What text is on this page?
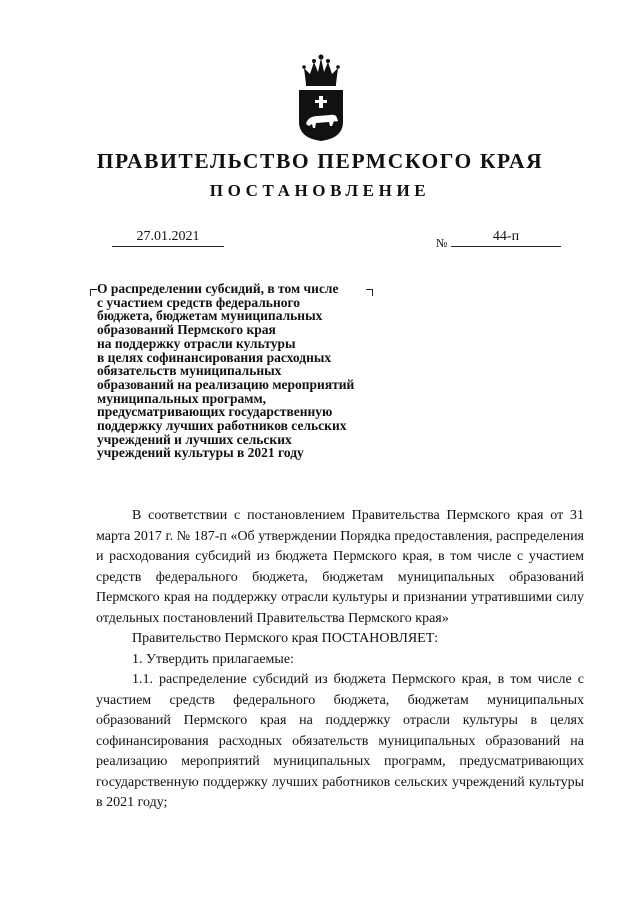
ПРАВИТЕЛЬСТВО ПЕРМСКОГО КРАЯ
ПОСТАНОВЛЕНИЕ
27.01.2021	№	44-п
О распределении субсидий, в том числе
с участием средств федерального
бюджета, бюджетам муниципальных
образований Пермского края
на поддержку отрасли культуры
в целях софинансирования расходных
обязательств муниципальных
образований на реализацию мероприятий
муниципальных программ,
предусматривающих государственную
поддержку лучших работников сельских
учреждений и лучших сельских
учреждений культуры в 2021 году

В соответствии с постановлением Правительства Пермского края от 31 марта 2017 г. № 187-п «Об утверждении Порядка предоставления, распределения и расходования субсидий из бюджета Пермского края, в том числе с участием средств федерального бюджета, бюджетам муниципальных образований Пермского края на поддержку отрасли культуры и признании утратившими силу отдельных постановлений Правительства Пермского края»

Правительство Пермского края ПОСТАНОВЛЯЕТ:

1. Утвердить прилагаемые:

1.1. распределение субсидий из бюджета Пермского края, в том числе с участием средств федерального бюджета, бюджетам муниципальных образований Пермского края на поддержку отрасли культуры в целях софинансирования расходных обязательств муниципальных образований на реализацию мероприятий муниципальных программ, предусматривающих государственную поддержку лучших работников сельских учреждений культуры в 2021 году;
